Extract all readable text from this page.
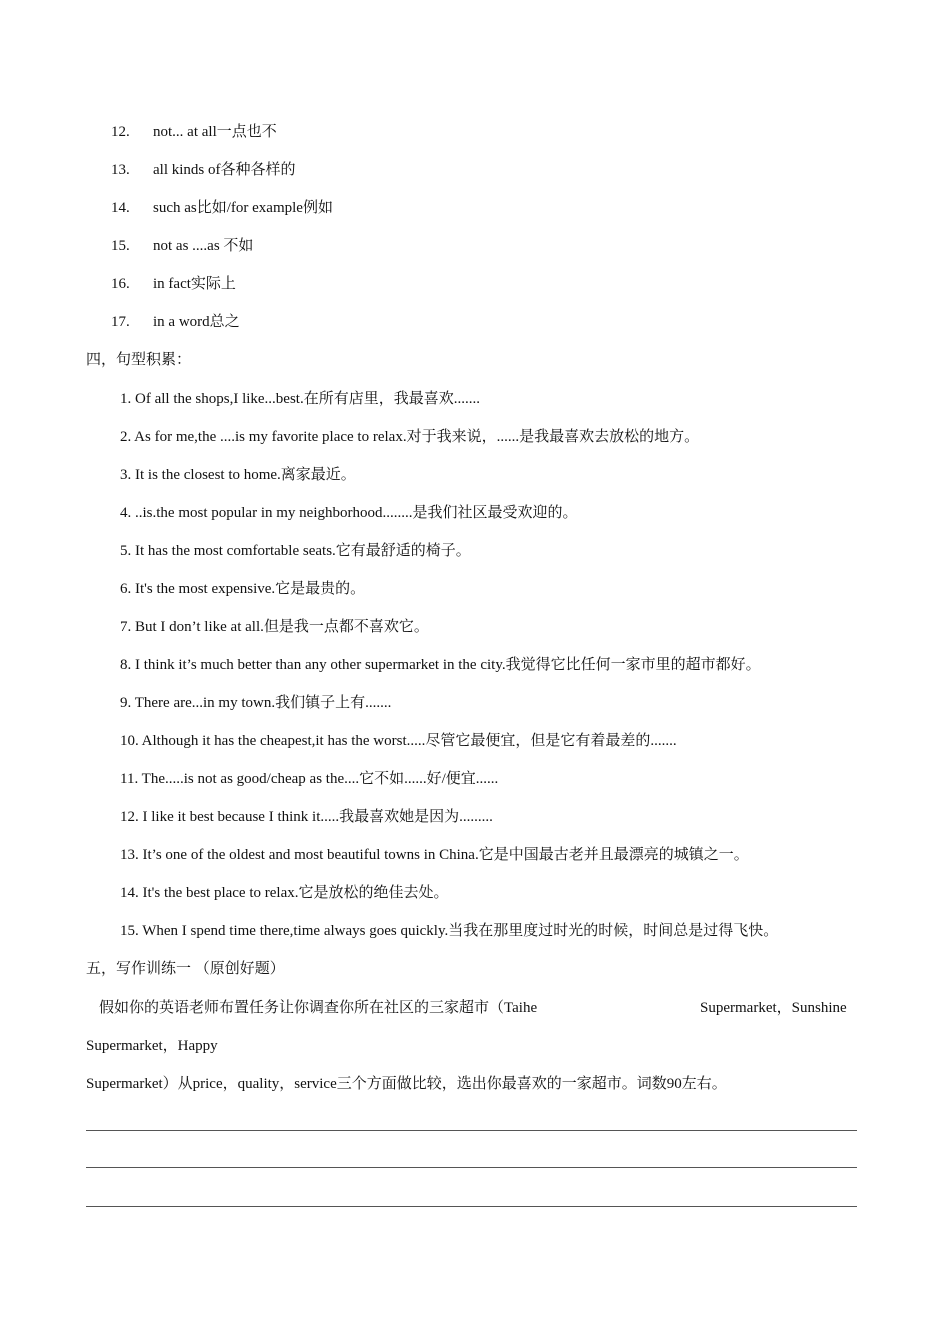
12.	not... at all一点也不
13.	all kinds of各种各样的
14.	such as比如/for example例如
15.	not as ....as 不如
16.	in fact实际上
17.	in a word总之
四，句型积累：
1. Of all the shops,I like...best.在所有店里，我最喜欢.......
2. As for me,the ....is my favorite place to relax.对于我来说，......是我最喜欢去放松的地方。
3. It is the closest to home.离家最近。
4. ..is.the most popular in my neighborhood........是我们社区最受欢迎的。
5. It has the most comfortable seats.它有最舒适的椅子。
6. It's the most expensive.它是最贵的。
7. But I don’t like at all.但是我一点都不喜欢它。
8. I think it’s much better than any other supermarket in the city.我觉得它比任何一家市里的超市都好。
9. There are...in my town.我们镇子上有.......
10. Although it has the cheapest,it has the worst.....尽管它最便宜，但是它有着最差的.......
11. The.....is not as good/cheap as the....它不如......好/便宜......
12. I like it best because I think it.....我最喜欢她是因为.........
13. It’s one of the oldest and most beautiful towns in China.它是中国最古老并且最漂亮的城镇之一。
14. It's the best place to relax.它是放松的绝佳去处。
15. When I spend time there,time always goes quickly.当我在那里度过时光的时候，时间总是过得飞快。
五，写作训练一 （原创好题）
假如你的英语老师布置任务让你调查你所在社区的三家超市（Taihe	Supermarket，Sunshine
Supermarket，Happy
Supermarket）从price，quality，service三个方面做比较，选出你最喜欢的一家超市。词数90左右。
